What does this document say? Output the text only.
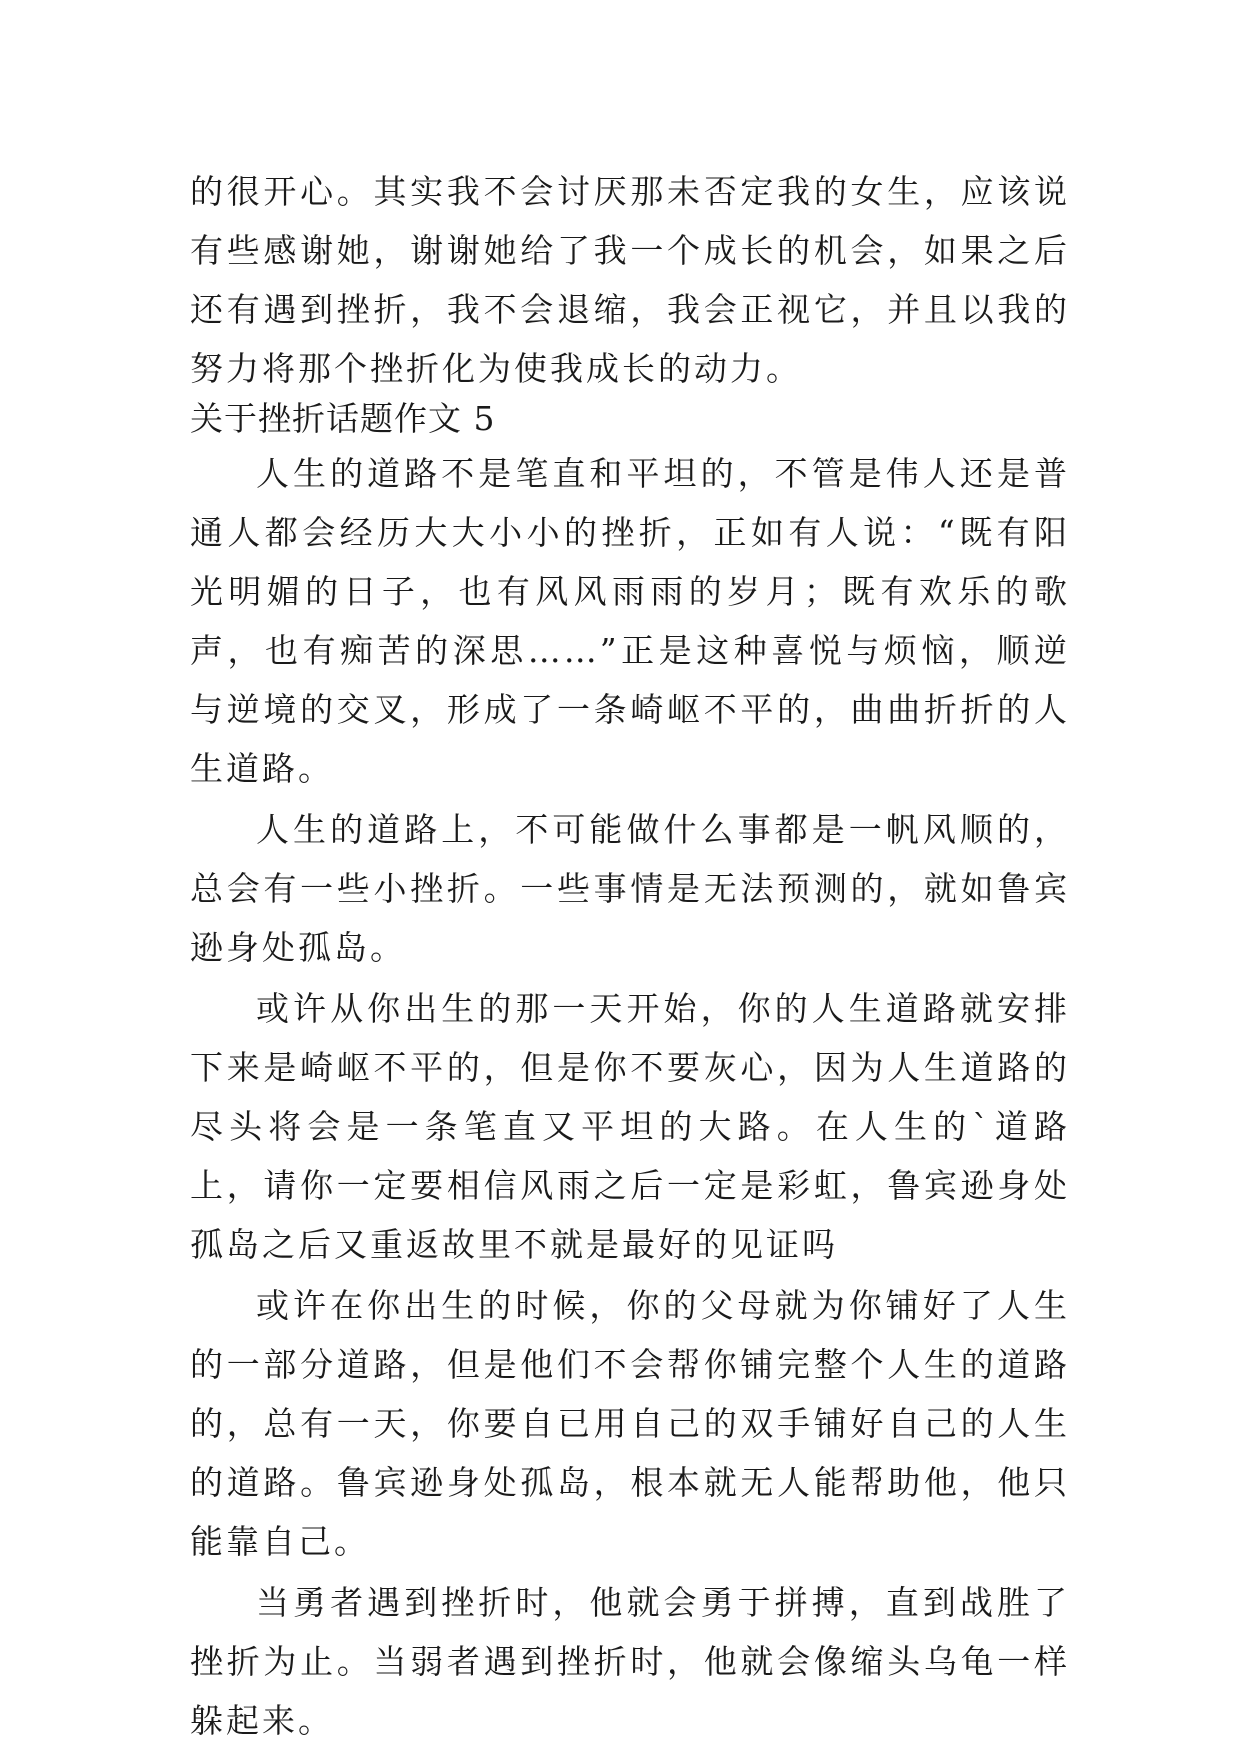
的很开心。其实我不会讨厌那未否定我的女生，应该说有些感谢她，谢谢她给了我一个成长的机会，如果之后还有遇到挫折，我不会退缩，我会正视它，并且以我的努力将那个挫折化为使我成长的动力。

关于挫折话题作文 5

人生的道路不是笔直和平坦的，不管是伟人还是普通人都会经历大大小小的挫折，正如有人说：“既有阳光明媚的日子，也有风风雨雨的岁月；既有欢乐的歌声，也有痴苦的深思……”正是这种喜悦与烦恼，顺逆与逆境的交叉，形成了一条崎岖不平的，曲曲折折的人生道路。

人生的道路上，不可能做什么事都是一帆风顺的，总会有一些小挫折。一些事情是无法预测的，就如鲁宾逊身处孤岛。

或许从你出生的那一天开始，你的人生道路就安排下来是崎岖不平的，但是你不要灰心，因为人生道路的尽头将会是一条笔直又平坦的大路。在人生的`道路上，请你一定要相信风雨之后一定是彩虹，鲁宾逊身处孤岛之后又重返故里不就是最好的见证吗

或许在你出生的时候，你的父母就为你铺好了人生的一部分道路，但是他们不会帮你铺完整个人生的道路的，总有一天，你要自已用自己的双手铺好自己的人生的道路。鲁宾逊身处孤岛，根本就无人能帮助他，他只能靠自己。

当勇者遇到挫折时，他就会勇于拼搏，直到战胜了挫折为止。当弱者遇到挫折时，他就会像缩头乌龟一样躲起来。
